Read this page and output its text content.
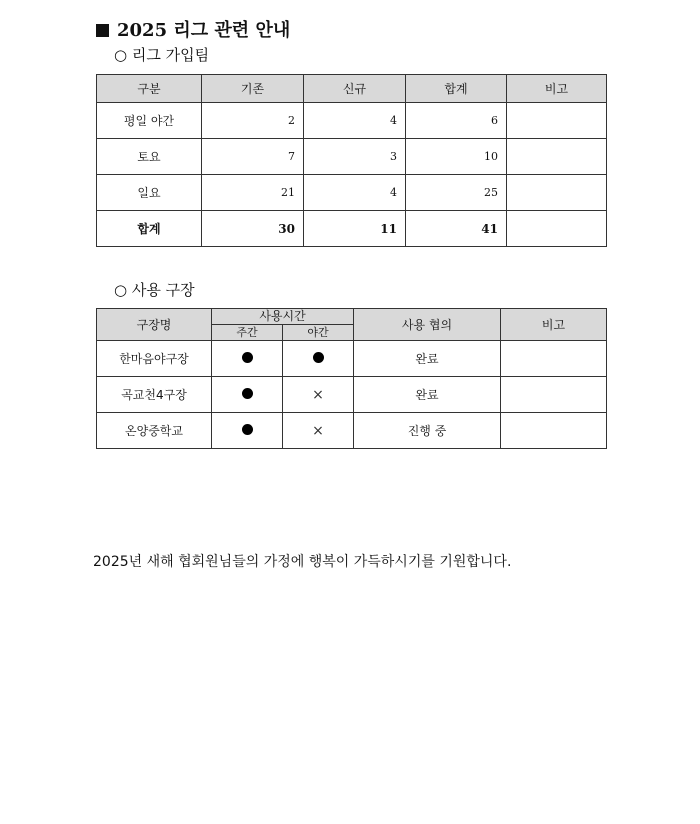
2025 리그 관련 안내

○ 리그 가입팀

구분	기존	신규	합계	비고
평일 야간	2	4	6	
토요	7	3	10	
일요	21	4	25	
합계	30	11	41	

○ 사용 구장

구장명	사용시간		사용 협의	비고
	주간	야간		
한마음야구장			완료	
곡교천4구장		×	완료	
온양중학교		×	진행 중	

2025년 새해 협회원님들의 가정에 행복이 가득하시기를 기원합니다.
